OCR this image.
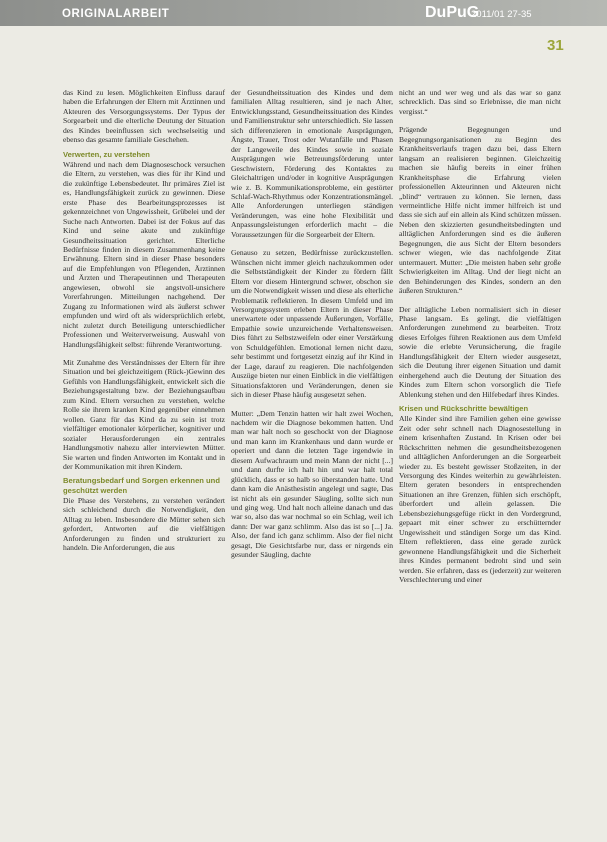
ORIGINALARBEIT	DuPuG
2011/01 27-35
31

das Kind zu lesen. Möglichkeiten Einfluss darauf haben die Erfahrungen der Eltern mit Ärztinnen und Akteuren des Versorgungssystems. Der Typus der Sorgearbeit und die elterliche Deutung der Situation des Kindes beeinflussen sich wechselseitig und ebenso das gesamte familiale Geschehen.

Verwerten, zu verstehen

Während und nach dem Diagnoseschock versuchen die Eltern, zu verstehen, was dies für ihr Kind und die zukünftige Lebensbedeutet. Ihr primäres Ziel ist es, Handlungsfähigkeit zurück zu gewinnen. Diese erste Phase des Bearbeitungsprozesses ist gekennzeichnet von Ungewissheit, Grübelei und der Suche nach Antworten. Dabei ist der Fokus auf das Kind und seine akute und zukünftige Gesundheitssituation gerichtet. Elterliche Bedürfnisse finden in diesem Zusammenhang keine Erwähnung. Eltern sind in dieser Phase besonders auf die Empfehlungen von Pflegenden, Ärztinnen und Ärzten und Therapeutinnen und Therapeuten angewiesen, obwohl sie angstvoll-unsichere Vorerfahrungen. Mitteilungen nachgehend. Der Zugang zu Informationen wird als äußerst schwer empfunden und wird oft als widersprüchlich erlebt, nicht zuletzt durch Beteiligung unterschiedlicher Professionen und Weiterverweisung. Auswahl von Handlungsfähigkeit selbst: führende Verantwortung.

Mit Zunahme des Verständnisses der Eltern für ihre Situation und bei gleichzeitigem (Rück-)Gewinn des Gefühls von Handlungsfähigkeit, entwickelt sich die Beziehungsgestaltung bzw. der Beziehungsaufbau zum Kind. Eltern versuchen zu verstehen, welche Rolle sie ihrem kranken Kind gegenüber einnehmen wollen. Ganz für das Kind da zu sein ist trotz vielfältiger emotionaler körperlicher, kognitiver und sozialer Herausforderungen ein zentrales Handlungsmotiv nahezu aller interviewten Mütter. Sie warten und finden Antworten im Kontakt und in der Kommunikation mit ihren Kindern.

Beratungsbedarf und Sorgen erkennen und geschützt werden

Die Phase des Verstehens, zu verstehen verändert sich schleichend durch die Notwendigkeit, den Alltag zu leben. Insbesondere die Mütter sehen sich gefordert, Antworten auf die vielfältigen Anforderungen zu finden und strukturiert zu handeln. Die Anforderungen, die aus

der Gesundheitssituation des Kindes und dem familialen Alltag resultieren, sind je nach Alter, Entwicklungsstand, Gesundheitssituation des Kindes und Familienstruktur sehr unterschiedlich. Sie lassen sich differenzieren in emotionale Ausprägungen, Ängste, Trauer, Trost oder Wutanfälle und Phasen der Langeweile des Kindes sowie in soziale Ausprägungen wie Betreuungsförderung unter Geschwistern, Förderung des Kontaktes zu Gleichaltrigen und/oder in kognitive Ausprägungen wie z. B. Kommunikationsprobleme, ein gestörter Schlaf-Wach-Rhythmus oder Konzentrationsmängel. Alle Anforderungen unterliegen ständigen Veränderungen, was eine hohe Flexibilität und Anpassungsleistungen erforderlich macht – die Voraussetzungen für die Sorgearbeit der Eltern.

Genauso zu setzen, Bedürfnisse zurückzustellen. Wünschen nicht immer gleich nachzukommen oder die Selbstständigkeit der Kinder zu fördern fällt Eltern vor diesem Hintergrund schwer, obschon sie um die Notwendigkeit wissen und diese als elterliche Problematik reflektieren. In diesem Umfeld und im Versorgungssystem erleben Eltern in dieser Phase unerwartete oder unpassende Äußerungen, Vorfälle, Empathie sowie unzureichende Verhaltensweisen. Dies führt zu Selbstzweifeln oder einer Verstärkung von Schuldgefühlen. Emotional lernen nicht dazu, sehr bestimmt und fortgesetzt einzig auf ihr Kind in der Lage, darauf zu reagieren. Die nachfolgenden Auszüge bieten nur einen Einblick in die vielfältigen Situationsfaktoren und Veränderungen, denen sie sich in dieser Phase häufig ausgesetzt sehen.

Mutter: „Dem Tenzin hatten wir halt zwei Wochen, nachdem wir die Diagnose bekommen hatten. Und man war halt noch so geschockt von der Diagnose und man kann im Krankenhaus und dann wurde er operiert und dann die letzten Tage irgendwie in diesem Aufwachraum und mein Mann der nicht [...] und dann durfte ich halt hin und war halt total glücklich, dass er so halb so überstanden hatte. Und dann kam die Anästhesistin angelegt und sagte, Das ist nicht als ein gesunder Säugling, sollte sich nun und ging weg. Und halt noch alleine danach und das war so, also das war nochmal so ein Schlag, weil ich dann: Der war ganz schlimm. Also das ist so [...] Ja. Also, der fand ich ganz schlimm. Also der fiel nicht gesagt, Die Gesichtsfarbe nur, dass er nirgends ein gesunder Säugling, dachte

nicht an und wer weg und als das war so ganz schrecklich. Das sind so Erlebnisse, die man nicht vergisst.“

Prägende Begegnungen und Begegnungsorganisationen zu Beginn des Krankheitsverlaufs tragen dazu bei, dass Eltern langsam an realisieren beginnen. Gleichzeitig machen sie häufig bereits in einer frühen Krankheitsphase die Erfahrung vielen professionellen Akteurinnen und Akteuren nicht „blind“ vertrauen zu können. Sie lernen, dass vermeintliche Hilfe nicht immer hilfreich ist und dass sie sich auf ein allein als Kind schützen müssen. Neben den skizzierten gesundheitsbedingten und alltäglichen Anforderungen sind es die äußeren Begegnungen, die aus Sicht der Eltern besonders schwer wiegen, wie das nachfolgende Zitat untermauert. Mutter: „Die meisten haben sehr große Schwierigkeiten im Alltag. Und der liegt nicht an den Behinderungen des Kindes, sondern an den äußeren Strukturen.“

Der alltägliche Leben normalisiert sich in dieser Phase langsam. Es gelingt, die vielfältigen Anforderungen zunehmend zu bearbeiten. Trotz dieses Erfolges führen Reaktionen aus dem Umfeld sowie die erlebte Verunsicherung, die fragile Handlungsfähigkeit der Eltern wieder ausgesetzt, sich die Deutung ihrer eigenen Situation und damit einhergehend auch die Deutung der Situation des Kindes zum Eltern schon vorsorglich die Tiefe Ablenkung stehen und den Hilfebedarf ihres Kindes.

Krisen und Rückschritte bewältigen

Alle Kinder sind ihre Familien gehen eine gewisse Zeit oder sehr schnell nach Diagnosestellung in einem krisenhaften Zustand. In Krisen oder bei Rückschritten nehmen die gesundheitsbezogenen und alltäglichen Anforderungen an die Sorgearbeit wieder zu. Es besteht gewisser Stoßzeiten, in der Versorgung des Kindes weiterhin zu gewährleisten. Eltern geraten besonders in entsprechenden Situationen an ihre Grenzen, fühlen sich erschöpft, überfordert und allein gelassen. Die Lebensbeziehungsgefüge rückt in den Vordergrund, gepaart mit einer schwer zu erschütternder Ungewissheit und ständigen Sorge um das Kind. Eltern reflektieren, dass eine gerade zurück gewonnene Handlungsfähigkeit und die Sicherheit ihres Kindes permanent bedroht sind und sein werden. Sie erfahren, dass es (jederzeit) zur weiteren Verschlechterung und einer
